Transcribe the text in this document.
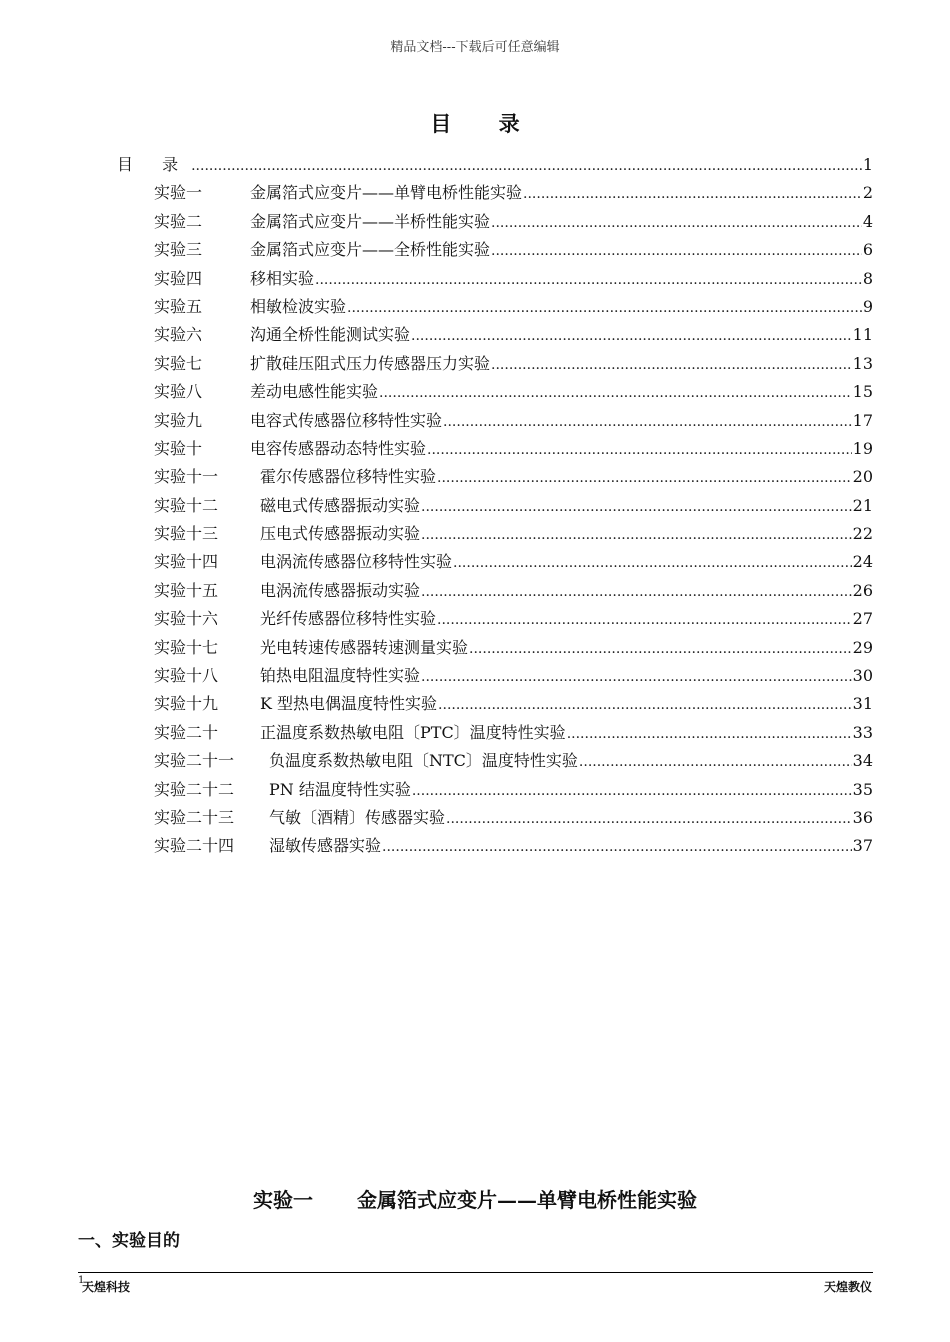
精品文档---下载后可任意编辑
目 录
目 录 .....	1
实验一	金属箔式应变片——单臂电桥性能实验 .....	2
实验二	金属箔式应变片——半桥性能实验 .....	4
实验三	金属箔式应变片——全桥性能实验 .....	6
实验四	移相实验 .....	8
实验五	相敏检波实验 .....	9
实验六	沟通全桥性能测试实验 .....	11
实验七	扩散硅压阻式压力传感器压力实验 .....	13
实验八	差动电感性能实验 .....	15
实验九	电容式传感器位移特性实验 .....	17
实验十	电容传感器动态特性实验 .....	19
实验十一	霍尔传感器位移特性实验 .....	20
实验十二	磁电式传感器振动实验 .....	21
实验十三	压电式传感器振动实验 .....	22
实验十四	电涡流传感器位移特性实验 .....	24
实验十五	电涡流传感器振动实验 .....	26
实验十六	光纤传感器位移特性实验 .....	27
实验十七	光电转速传感器转速测量实验 .....	29
实验十八	铂热电阻温度特性实验 .....	30
实验十九	K 型热电偶温度特性实验 .....	31
实验二十	正温度系数热敏电阻〔PTC〕温度特性实验 .....	33
实验二十一	负温度系数热敏电阻〔NTC〕温度特性实验 .....	34
实验二十二	PN 结温度特性实验 .....	35
实验二十三	气敏〔酒精〕传感器实验 .....	36
实验二十四	湿敏传感器实验 .....	37
实验一 金属箔式应变片——单臂电桥性能实验
一、实验目的
1
天煌科技	天煌教仪
